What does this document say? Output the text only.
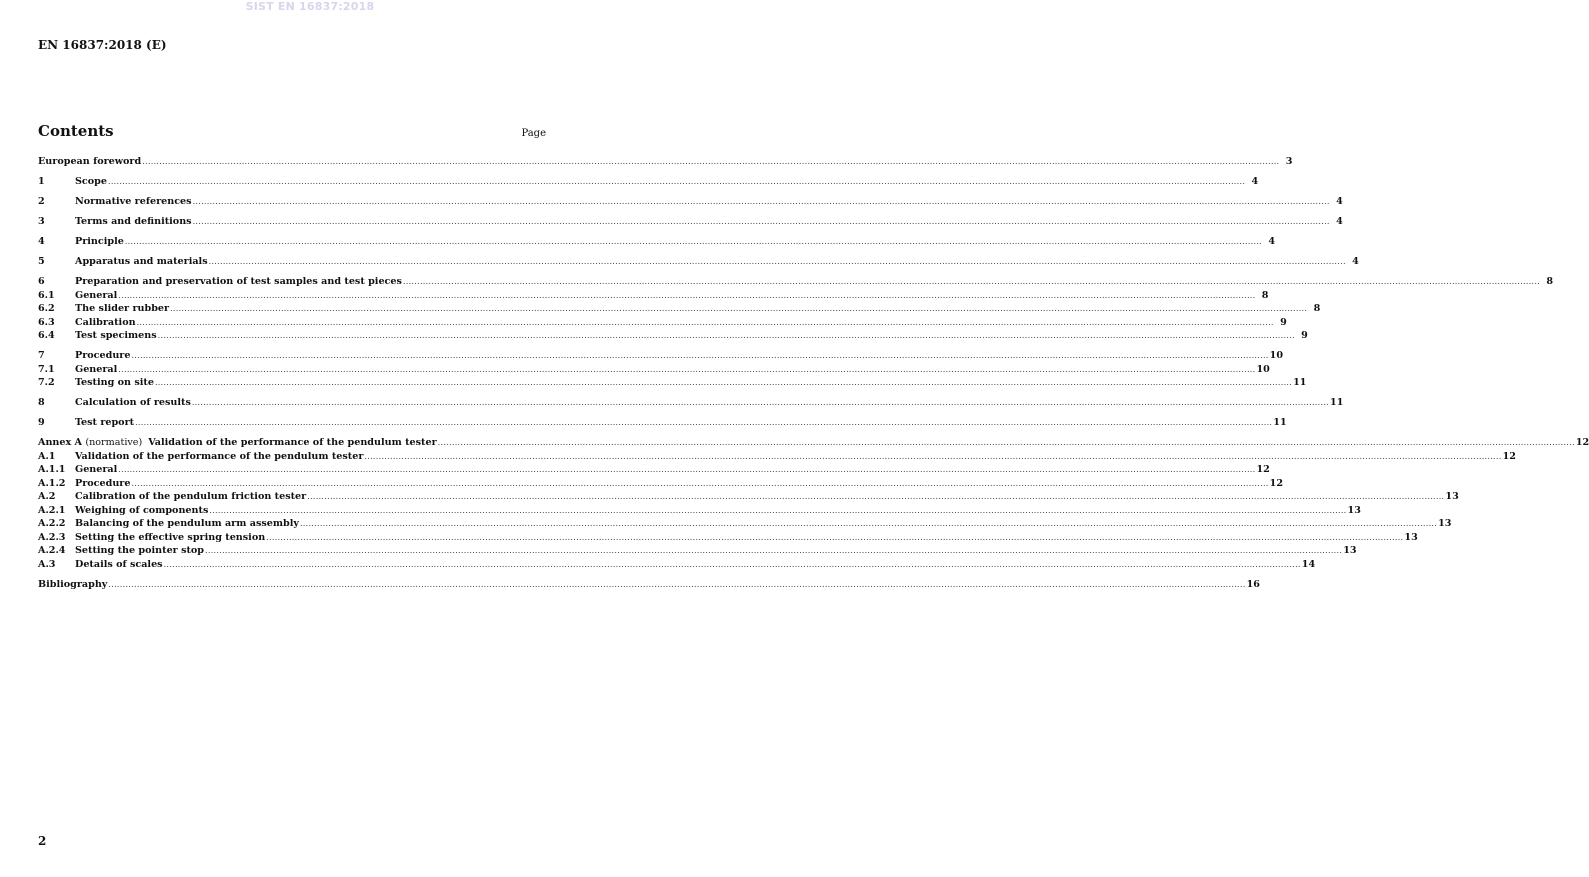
SIST EN 16837:2018
EN 16837:2018 (E)
Contents	Page
European foreword ................................................................................................................................................................................................................................................................................................................................................................................................................ 3
1	Scope ................................................................................................................................................................................................................................................................................................................................................................................................................ 4
2	Normative references ................................................................................................................................................................................................................................................................................................................................................................................................................ 4
3	Terms and definitions ................................................................................................................................................................................................................................................................................................................................................................................................................ 4
4	Principle ................................................................................................................................................................................................................................................................................................................................................................................................................ 4
5	Apparatus and materials ................................................................................................................................................................................................................................................................................................................................................................................................................ 4
6	Preparation and preservation of test samples and test pieces ................................................................................................................................................................................................................................................................................................................................................................................................................ 8
6.1	General ................................................................................................................................................................................................................................................................................................................................................................................................................ 8
6.2	The slider rubber ................................................................................................................................................................................................................................................................................................................................................................................................................ 8
6.3	Calibration ................................................................................................................................................................................................................................................................................................................................................................................................................ 9
6.4	Test specimens ................................................................................................................................................................................................................................................................................................................................................................................................................ 9
7	Procedure ................................................................................................................................................................................................................................................................................................................................................................................................................ 10
7.1	General ................................................................................................................................................................................................................................................................................................................................................................................................................ 10
7.2	Testing on site ................................................................................................................................................................................................................................................................................................................................................................................................................ 11
8	Calculation of results ................................................................................................................................................................................................................................................................................................................................................................................................................ 11
9	Test report ................................................................................................................................................................................................................................................................................................................................................................................................................ 11
Annex A (normative) Validation of the performance of the pendulum tester ................................................................................................................................................................................................................................................................................................................................................................................................................ 12
A.1	Validation of the performance of the pendulum tester ................................................................................................................................................................................................................................................................................................................................................................................................................ 12
A.1.1 General ................................................................................................................................................................................................................................................................................................................................................................................................................ 12
A.1.2 Procedure ................................................................................................................................................................................................................................................................................................................................................................................................................ 12
A.2	Calibration of the pendulum friction tester ................................................................................................................................................................................................................................................................................................................................................................................................................ 13
A.2.1 Weighing of components ................................................................................................................................................................................................................................................................................................................................................................................................................ 13
A.2.2 Balancing of the pendulum arm assembly ................................................................................................................................................................................................................................................................................................................................................................................................................ 13
A.2.3 Setting the effective spring tension ................................................................................................................................................................................................................................................................................................................................................................................................................ 13
A.2.4 Setting the pointer stop ................................................................................................................................................................................................................................................................................................................................................................................................................ 13
A.3	Details of scales ................................................................................................................................................................................................................................................................................................................................................................................................................ 14
Bibliography ................................................................................................................................................................................................................................................................................................................................................................................................................ 16
2
